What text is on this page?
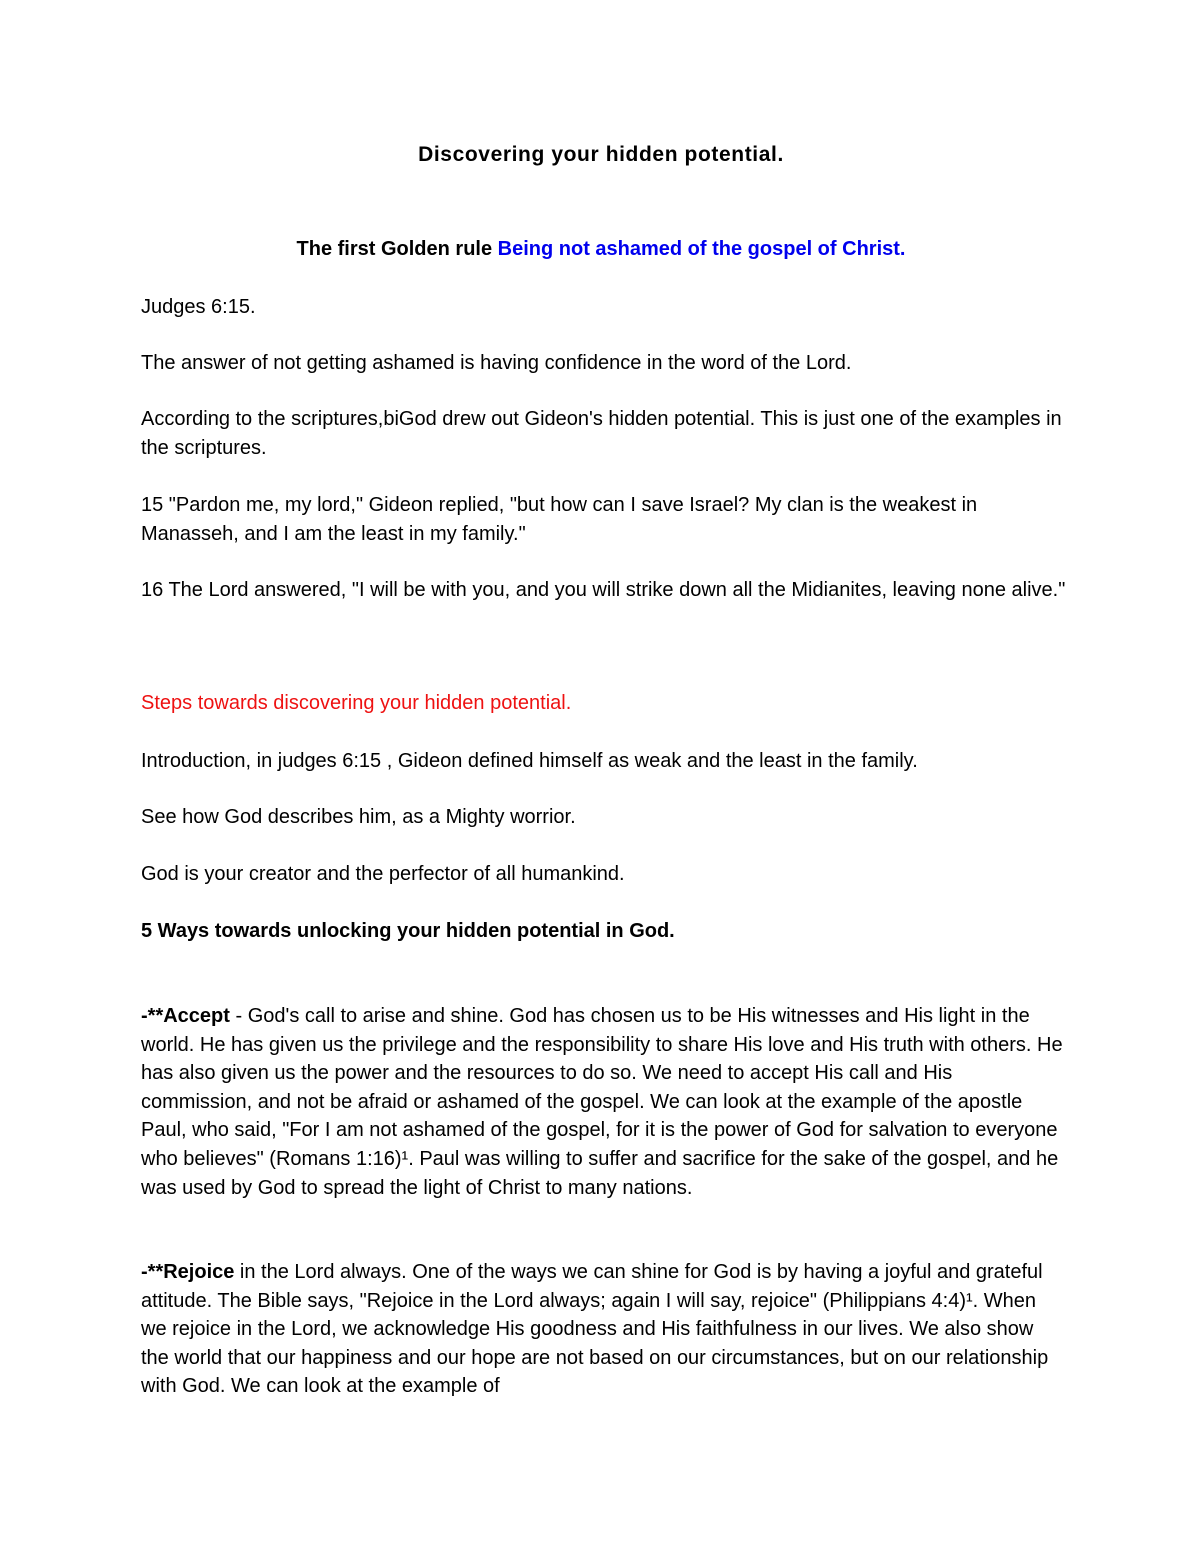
Discovering your hidden potential.

The first Golden rule Being not ashamed of the gospel of Christ.

Judges 6:15.

The answer of not getting ashamed is having confidence in the word of the Lord.

According to the scriptures,biGod drew out Gideon's hidden potential. This is just one of the examples in the scriptures.

15 "Pardon me, my lord," Gideon replied, "but how can I save Israel? My clan is the weakest in Manasseh, and I am the least in my family."

16 The Lord answered, "I will be with you, and you will strike down all the Midianites, leaving none alive."

Steps towards discovering your hidden potential.

Introduction, in judges 6:15 , Gideon defined himself as weak and the least in the family.

See how God describes him, as a Mighty worrior.

God is your creator and the perfector of all humankind.

5 Ways towards unlocking your hidden potential in God.

-**Accept - God's call to arise and shine. God has chosen us to be His witnesses and His light in the world. He has given us the privilege and the responsibility to share His love and His truth with others. He has also given us the power and the resources to do so. We need to accept His call and His commission, and not be afraid or ashamed of the gospel. We can look at the example of the apostle Paul, who said, "For I am not ashamed of the gospel, for it is the power of God for salvation to everyone who believes" (Romans 1:16)¹. Paul was willing to suffer and sacrifice for the sake of the gospel, and he was used by God to spread the light of Christ to many nations.

-**Rejoice in the Lord always. One of the ways we can shine for God is by having a joyful and grateful attitude. The Bible says, "Rejoice in the Lord always; again I will say, rejoice" (Philippians 4:4)¹. When we rejoice in the Lord, we acknowledge His goodness and His faithfulness in our lives. We also show the world that our happiness and our hope are not based on our circumstances, but on our relationship with God. We can look at the example of
